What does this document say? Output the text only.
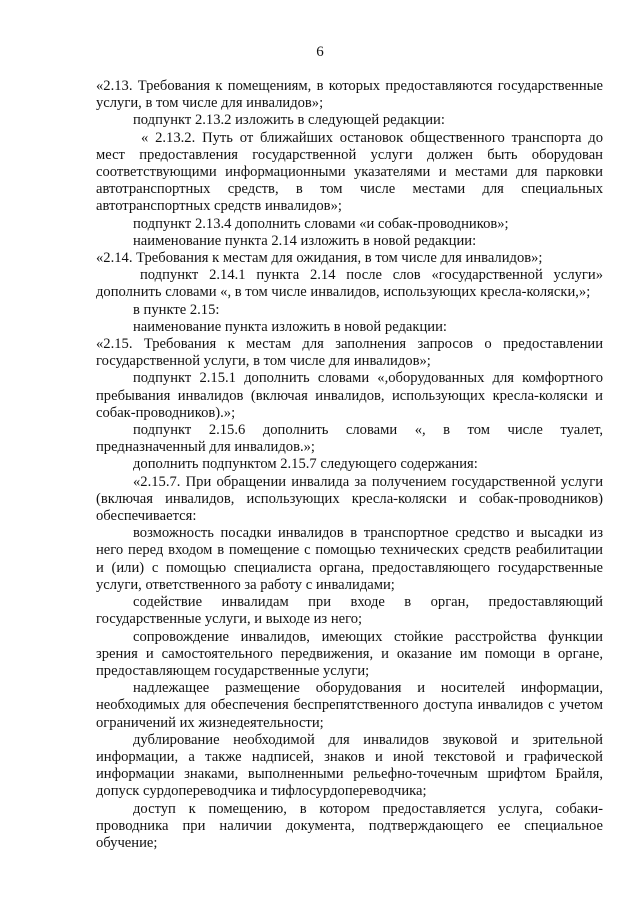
6

«2.13. Требования к помещениям, в которых предоставляются государственные услуги, в том числе для инвалидов»;

подпункт 2.13.2 изложить в следующей редакции:

« 2.13.2. Путь от ближайших остановок общественного транспорта до мест предоставления государственной услуги должен быть оборудован соответствующими информационными указателями и местами для парковки автотранспортных средств, в том числе местами для специальных автотранспортных средств инвалидов»;

подпункт 2.13.4 дополнить словами «и собак-проводников»;

наименование пункта 2.14 изложить в новой редакции:

«2.14. Требования к местам для ожидания, в том числе для инвалидов»;

подпункт 2.14.1 пункта 2.14 после слов «государственной услуги» дополнить словами «, в том числе инвалидов, использующих кресла-коляски,»;

в пункте 2.15:

наименование пункта изложить в новой редакции:

«2.15. Требования к местам для заполнения запросов о предоставлении государственной услуги, в том числе для инвалидов»;

подпункт 2.15.1 дополнить словами «,оборудованных для комфортного пребывания инвалидов (включая инвалидов, использующих кресла-коляски и собак-проводников).»;

подпункт 2.15.6 дополнить словами «, в том числе туалет, предназначенный для инвалидов.»;

дополнить подпунктом 2.15.7 следующего содержания:

«2.15.7. При обращении инвалида за получением государственной услуги (включая инвалидов, использующих кресла-коляски и собак-проводников) обеспечивается:

возможность посадки инвалидов в транспортное средство и высадки из него перед входом в помещение с помощью технических средств реабилитации и (или) с помощью специалиста органа, предоставляющего государственные услуги, ответственного за работу с инвалидами;

содействие инвалидам при входе в орган, предоставляющий государственные услуги, и выходе из него;

сопровождение инвалидов, имеющих стойкие расстройства функции зрения и самостоятельного передвижения, и оказание им помощи в органе, предоставляющем государственные услуги;

надлежащее размещение оборудования и носителей информации, необходимых для обеспечения беспрепятственного доступа инвалидов с учетом ограничений их жизнедеятельности;

дублирование необходимой для инвалидов звуковой и зрительной информации, а также надписей, знаков и иной текстовой и графической информации знаками, выполненными рельефно-точечным шрифтом Брайля, допуск сурдопереводчика и тифлосурдопереводчика;

доступ к помещению, в котором предоставляется услуга, собаки-проводника при наличии документа, подтверждающего ее специальное обучение;
